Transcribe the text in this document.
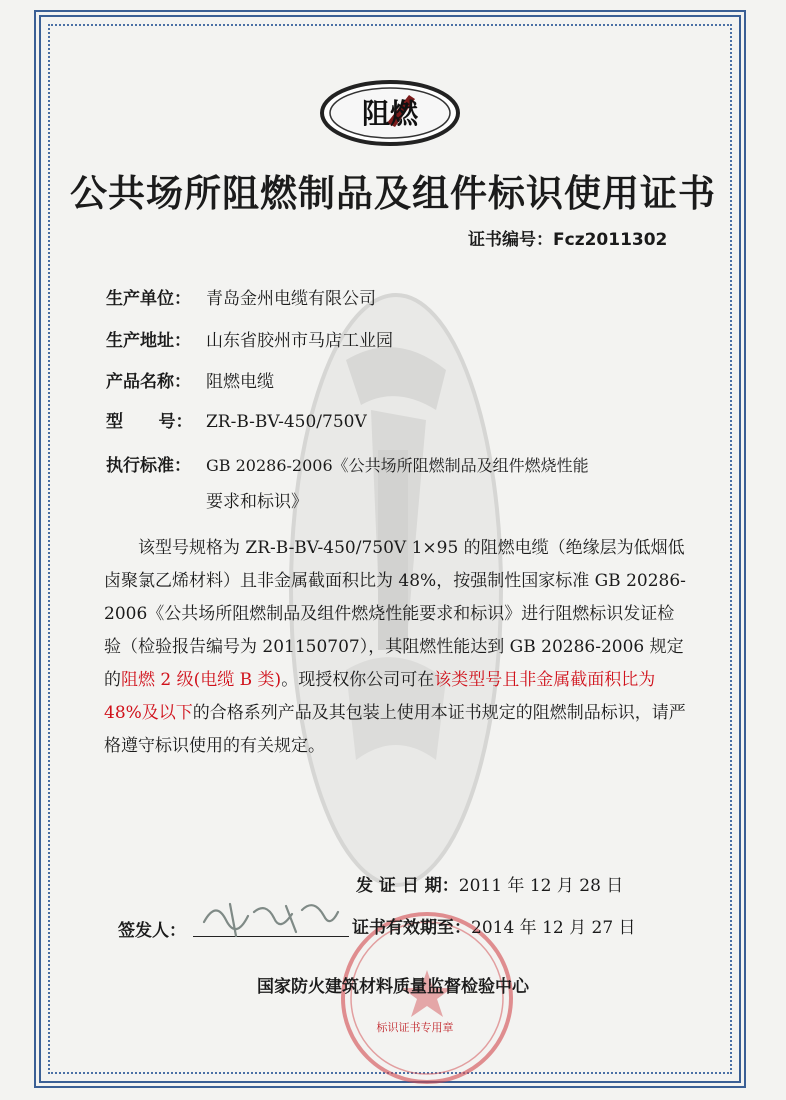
阻燃
公共场所阻燃制品及组件标识使用证书
证书编号：Fcz2011302
生产单位： 青岛金州电缆有限公司
生产地址： 山东省胶州市马店工业园
产品名称： 阻燃电缆
型      号： ZR-B-BV-450/750V
执行标准： GB 20286-2006《公共场所阻燃制品及组件燃烧性能
要求和标识》
该型号规格为 ZR-B-BV-450/750V 1×95 的阻燃电缆（绝缘层为低烟低卤聚氯乙烯材料）且非金属截面积比为 48%，按强制性国家标准 GB 20286-2006《公共场所阻燃制品及组件燃烧性能要求和标识》进行阻燃标识发证检验（检验报告编号为 201150707），其阻燃性能达到 GB 20286-2006 规定的阻燃 2 级(电缆 B 类)。现授权你公司可在该类型号且非金属截面积比为 48%及以下的合格系列产品及其包装上使用本证书规定的阻燃制品标识，请严格遵守标识使用的有关规定。
发 证 日 期：2011 年 12 月 28 日
标识证书专用章
签发人：	证书有效期至：2014 年 12 月 27 日
国家防火建筑材料质量监督检验中心
